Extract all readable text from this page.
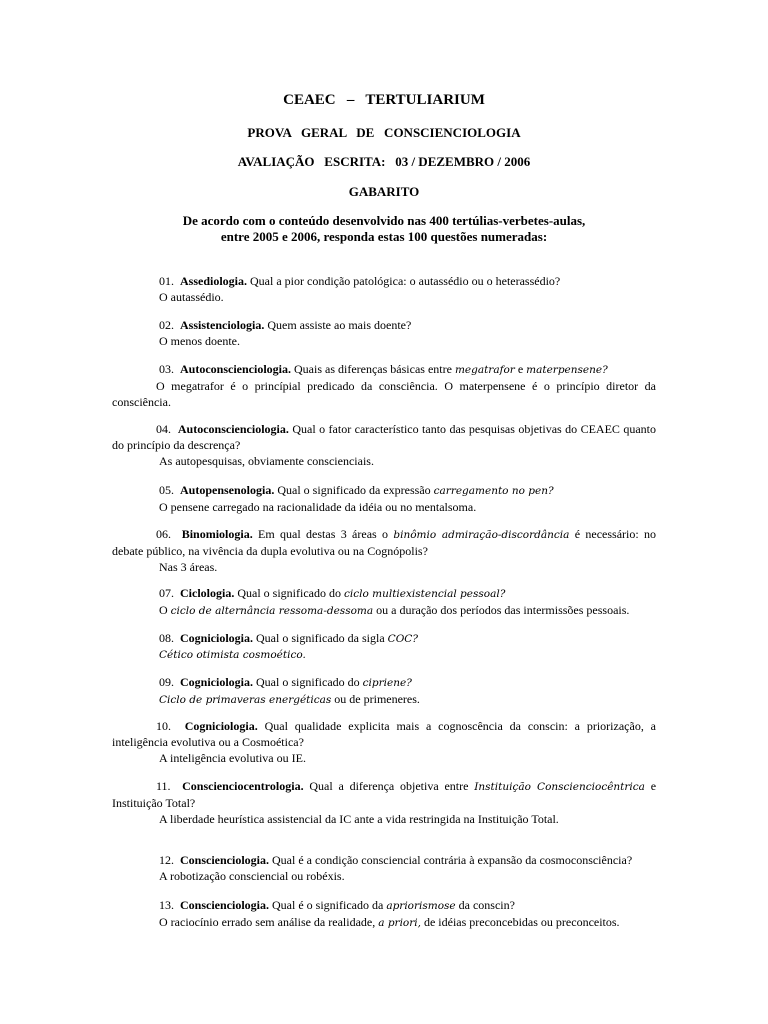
CEAEC   –   TERTULIARIUM
PROVA   GERAL   DE   CONSCIENCIOLOGIA
AVALIAÇÃO   ESCRITA:   03 / DEZEMBRO / 2006
GABARITO
De acordo com o conteúdo desenvolvido nas 400 tertúlias-verbetes-aulas,
entre 2005 e 2006, responda estas 100 questões numeradas:
01. Assediologia. Qual a pior condição patológica: o autassédio ou o heterassédio?
O autassédio.
02. Assistenciologia. Quem assiste ao mais doente?
O menos doente.
03. Autoconscienciologia. Quais as diferenças básicas entre megatrafor e materpensene?
O megatrafor é o princípial predicado da consciência. O materpensene é o princípio diretor da consciência.
04. Autoconscienciologia. Qual o fator característico tanto das pesquisas objetivas do CEAEC quanto do princípio da descrença?
As autopesquisas, obviamente conscienciais.
05. Autopensenologia. Qual o significado da expressão carregamento no pen?
O pensene carregado na racionalidade da idéia ou no mentalsoma.
06. Binomiologia. Em qual destas 3 áreas o binômio admiração-discordância é necessário: no debate público, na vivência da dupla evolutiva ou na Cognópolis?
Nas 3 áreas.
07. Ciclologia. Qual o significado do ciclo multiexistencial pessoal?
O ciclo de alternância ressoma-dessoma ou a duração dos períodos das intermissões pessoais.
08. Cogniciologia. Qual o significado da sigla COC?
Cético otimista cosmoético.
09. Cogniciologia. Qual o significado do cipriene?
Ciclo de primaveras energéticas ou de primeneres.
10. Cogniciologia. Qual qualidade explicita mais a cognoscência da conscin: a priorização, a inteligência evolutiva ou a Cosmoética?
A inteligência evolutiva ou IE.
11. Conscienciocentrologia. Qual a diferença objetiva entre Instituição Conscienciocêntrica e Instituição Total?
A liberdade heurística assistencial da IC ante a vida restringida na Instituição Total.
12. Conscienciologia. Qual é a condição consciencial contrária à expansão da cosmoconsciência?
A robotização consciencial ou robéxis.
13. Conscienciologia. Qual é o significado da apriorismose da conscin?
O raciocínio errado sem análise da realidade, a priori, de idéias preconcebidas ou preconceitos.
